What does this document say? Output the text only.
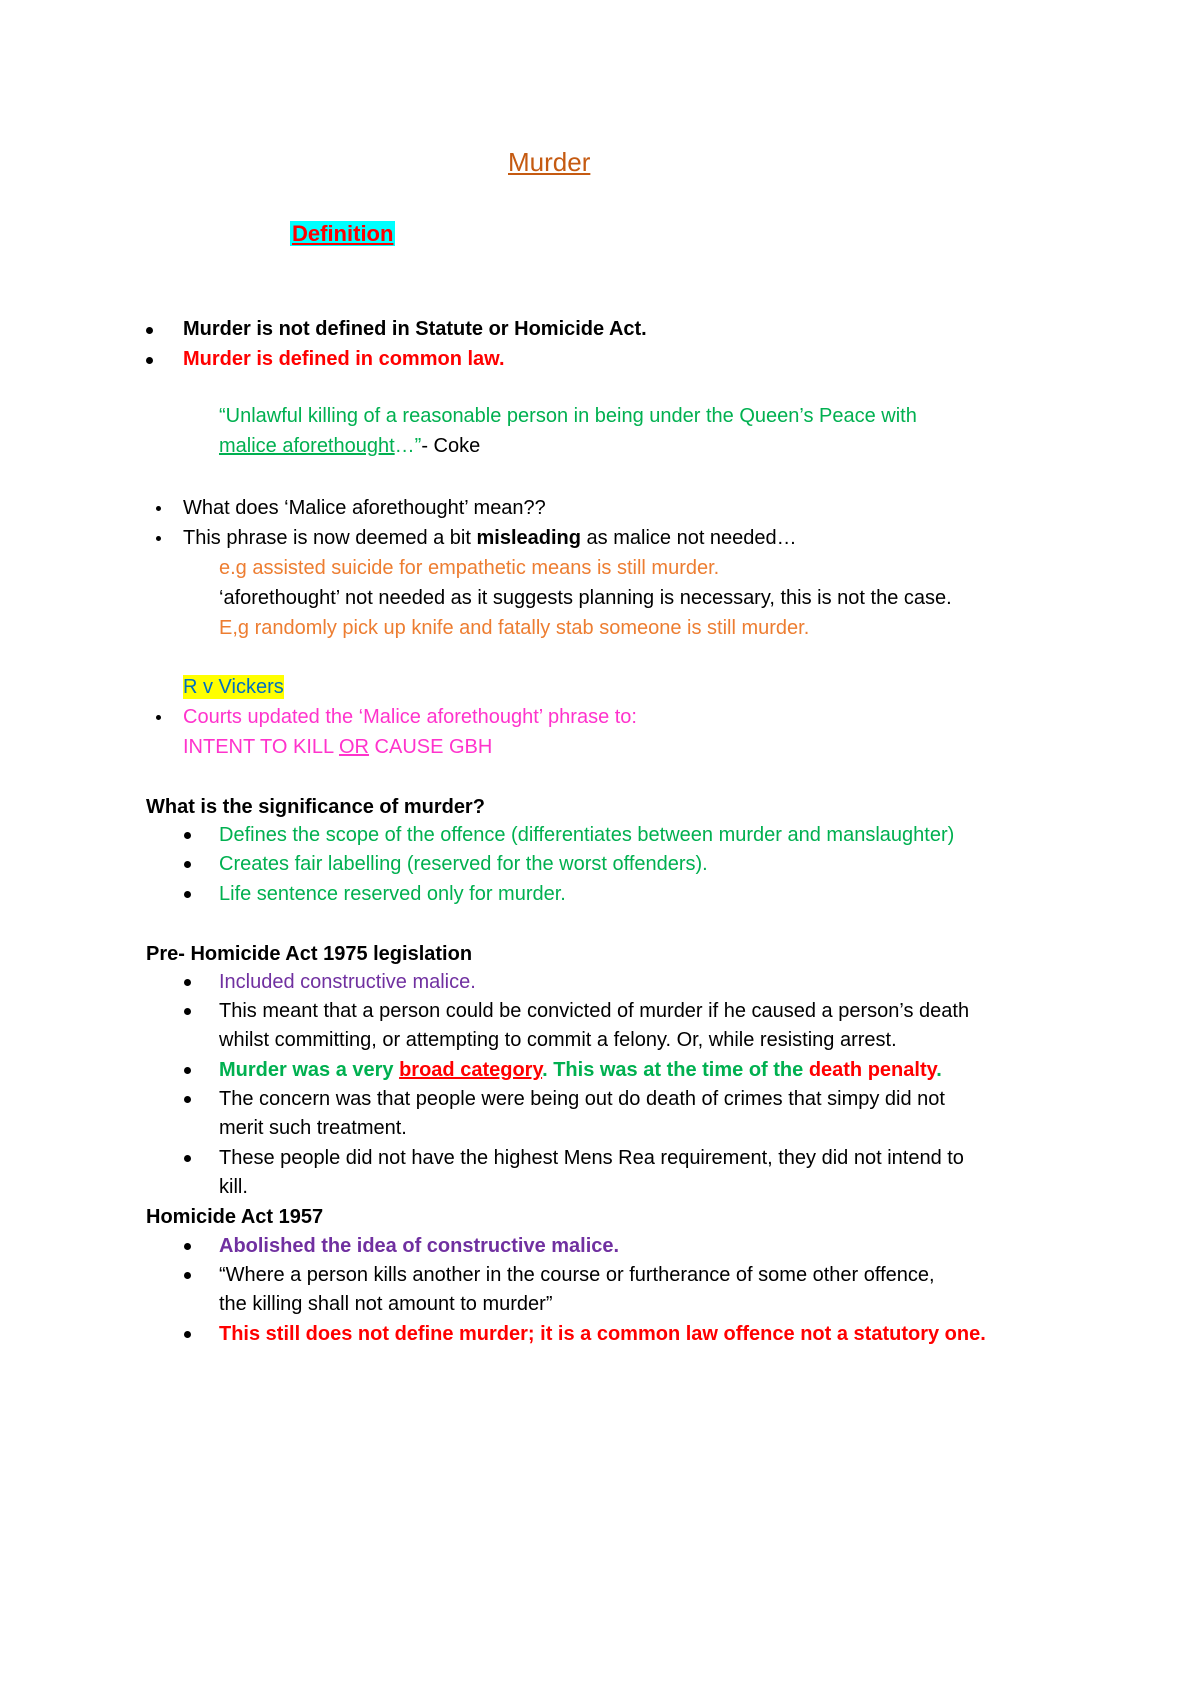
Murder
Definition
Murder is not defined in Statute or Homicide Act.
Murder is defined in common law.
“Unlawful killing of a reasonable person in being under the Queen’s Peace with
malice aforethought…”- Coke
What does ‘Malice aforethought’ mean??
This phrase is now deemed a bit misleading as malice not needed…
e.g assisted suicide for empathetic means is still murder.
‘aforethought’ not needed as it suggests planning is necessary, this is not the case.
E,g randomly pick up knife and fatally stab someone is still murder.
R v Vickers
Courts updated the ‘Malice aforethought’ phrase to:
INTENT TO KILL OR CAUSE GBH
What is the significance of murder?
Defines the scope of the offence (differentiates between murder and manslaughter)
Creates fair labelling (reserved for the worst offenders).
Life sentence reserved only for murder.
Pre- Homicide Act 1975 legislation
Included constructive malice.
This meant that a person could be convicted of murder if he caused a person’s death
whilst committing, or attempting to commit a felony. Or, while resisting arrest.
Murder was a very broad category. This was at the time of the death penalty.
The concern was that people were being out do death of crimes that simpy did not
merit such treatment.
These people did not have the highest Mens Rea requirement, they did not intend to
kill.
Homicide Act 1957
Abolished the idea of constructive malice.
“Where a person kills another in the course or furtherance of some other offence,
the killing shall not amount to murder”
This still does not define murder; it is a common law offence not a statutory one.
